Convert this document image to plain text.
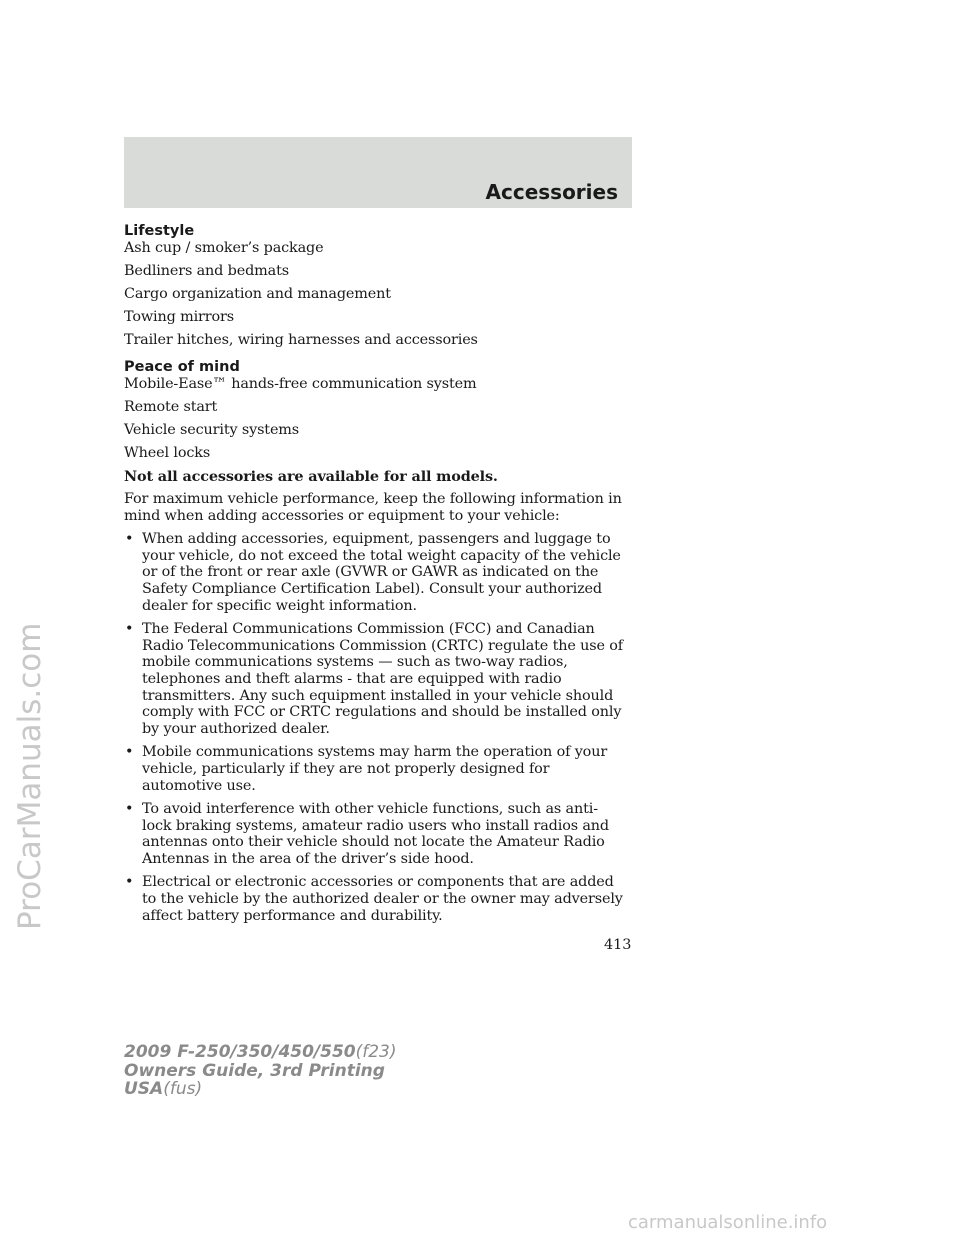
Accessories

Lifestyle

Ash cup / smoker’s package

Bedliners and bedmats

Cargo organization and management

Towing mirrors

Trailer hitches, wiring harnesses and accessories

Peace of mind

Mobile-Ease™ hands-free communication system

Remote start

Vehicle security systems

Wheel locks

Not all accessories are available for all models.

For maximum vehicle performance, keep the following information in mind when adding accessories or equipment to your vehicle:

• When adding accessories, equipment, passengers and luggage to your vehicle, do not exceed the total weight capacity of the vehicle or of the front or rear axle (GVWR or GAWR as indicated on the Safety Compliance Certification Label). Consult your authorized dealer for specific weight information.
• The Federal Communications Commission (FCC) and Canadian Radio Telecommunications Commission (CRTC) regulate the use of mobile communications systems — such as two-way radios, telephones and theft alarms - that are equipped with radio transmitters. Any such equipment installed in your vehicle should comply with FCC or CRTC regulations and should be installed only by your authorized dealer.
• Mobile communications systems may harm the operation of your vehicle, particularly if they are not properly designed for automotive use.
• To avoid interference with other vehicle functions, such as anti-lock braking systems, amateur radio users who install radios and antennas onto their vehicle should not locate the Amateur Radio Antennas in the area of the driver’s side hood.
• Electrical or electronic accessories or components that are added to the vehicle by the authorized dealer or the owner may adversely affect battery performance and durability.
413
2009 F-250/350/450/550(f23)
Owners Guide, 3rd Printing
USA(fus)
ProCarManuals.com
carmanualsonline.info
